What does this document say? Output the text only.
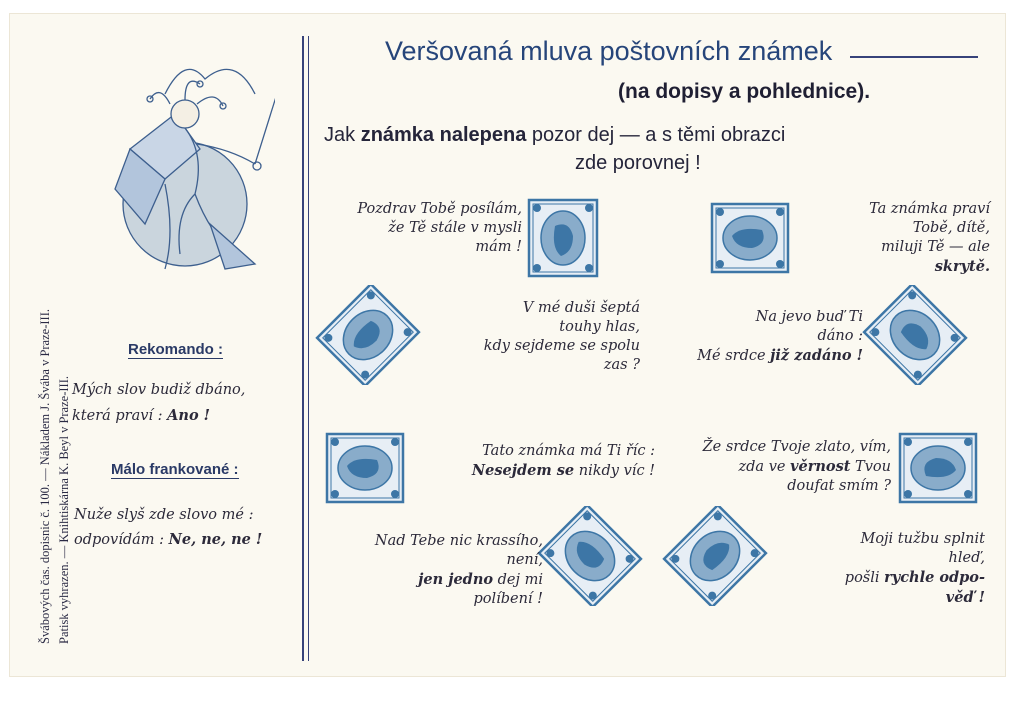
Švábových čas. dopisnic č. 100. — Nákladem J. Švába v Praze-III. Patisk vyhrazen. — Knihtiskárna K. Beyl v Praze-III.
Rekomando :
Mých slov budiž dbáno,
která praví : Ano !
Málo frankované :
Nuže slyš zde slovo mé :
odpovídám : Ne, ne, ne !
Veršovaná mluva poštovních známek
(na dopisy a pohlednice).
Jak známka nalepena pozor dej — a s těmi obrazci
zde porovnej !
Pozdrav Tobě posílám,
že Tě stále v mysli
mám !
Ta známka praví
Tobě, dítě,
miluji Tě — ale
skrytě.
V mé duši šeptá
touhy hlas,
kdy sejdeme se spolu
zas ?
Na jevo buď Ti
dáno :
Mé srdce již zadáno !
Tato známka má Ti říc :
Nesejdem se nikdy víc !
Že srdce Tvoje zlato, vím,
zda ve věrnost Tvou
doufat smím ?
Nad Tebe nic krassího,
není,
jen jedno dej mi
políbení !
Moji tužbu splnit
hleď,
pošli rychle odpo-
věď !
